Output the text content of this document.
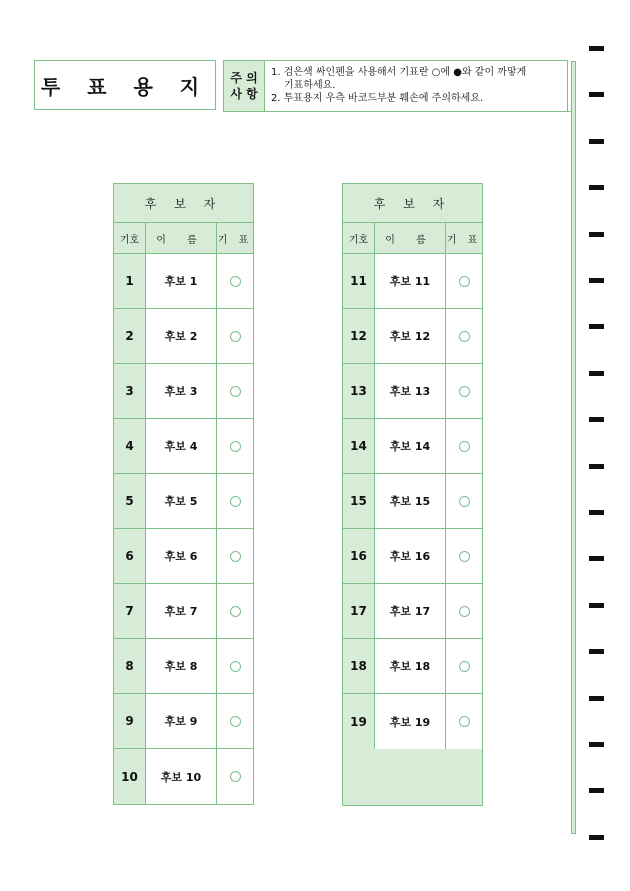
투 표 용 지	주 의
사 항
1. 검은색 싸인펜을 사용해서 기표란 ○에 ●와 같이 까맣게
기표하세요.
2. 투표용지 우측 바코드부분 훼손에 주의하세요.
후 보 자
기호	이 름	기 표
1	후보 1
2	후보 2
3	후보 3
4	후보 4
5	후보 5
6	후보 6
7	후보 7
8	후보 8
9	후보 9
10	후보 10
후 보 자
기호	이 름	기 표
11	후보 11
12	후보 12
13	후보 13
14	후보 14
15	후보 15
16	후보 16
17	후보 17
18	후보 18
19	후보 19
